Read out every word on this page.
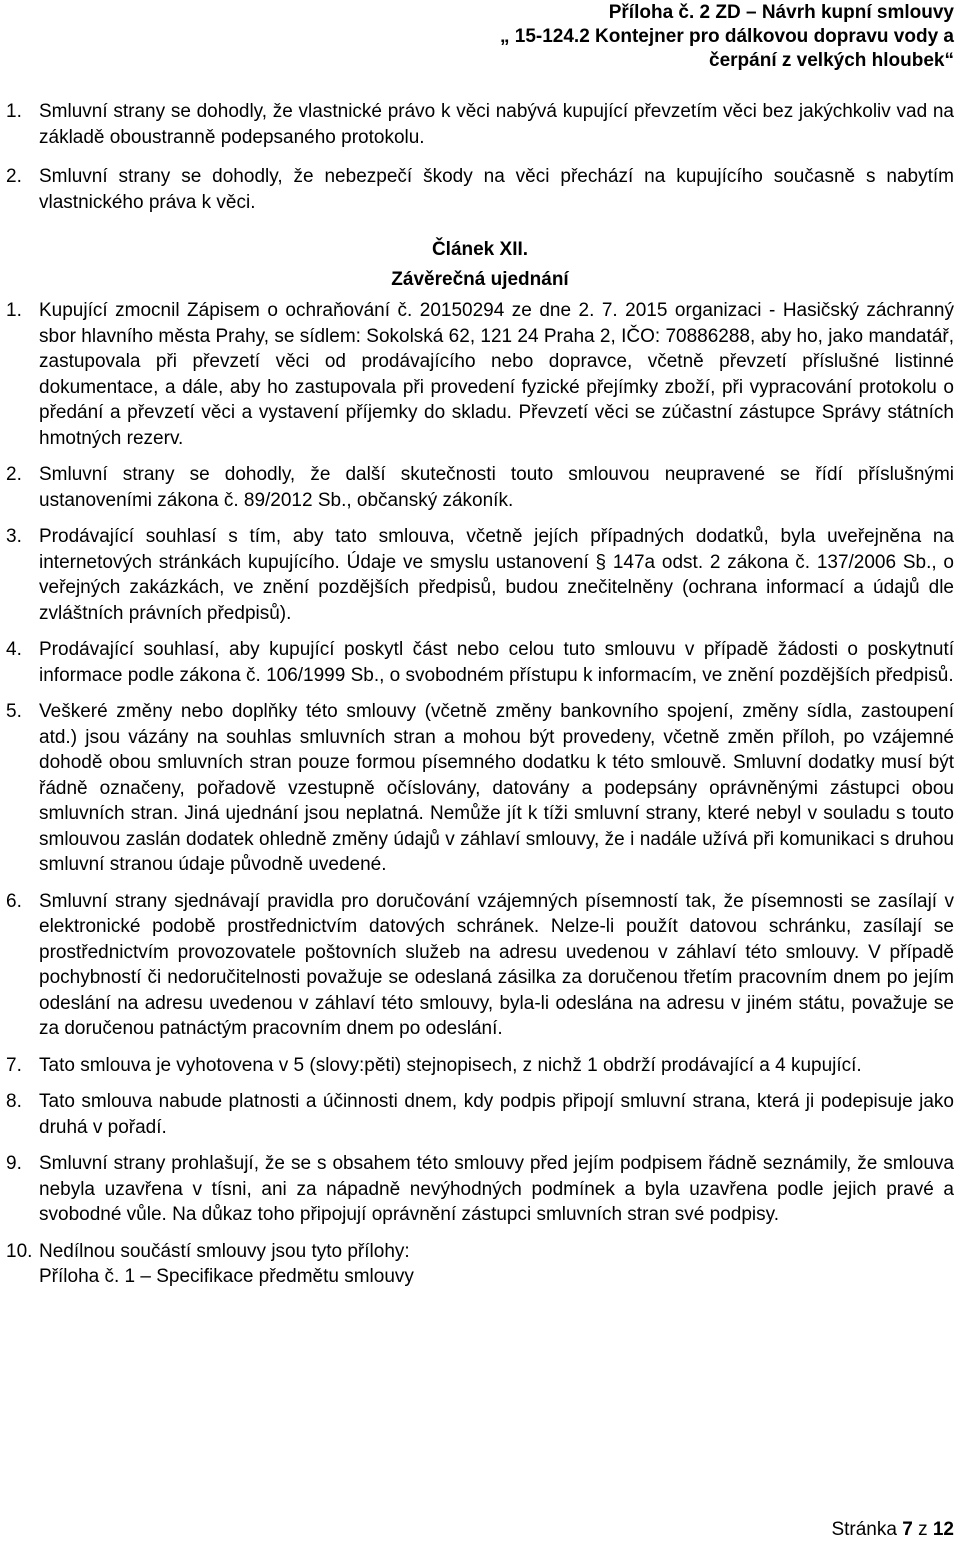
Příloha č. 2 ZD – Návrh kupní smlouvy
„ 15-124.2 Kontejner pro dálkovou dopravu vody a
čerpání z velkých hloubek“
1. Smluvní strany se dohodly, že vlastnické právo k věci nabývá kupující převzetím věci bez jakýchkoliv vad na základě oboustranně podepsaného protokolu.
2. Smluvní strany se dohodly, že nebezpečí škody na věci přechází na kupujícího současně s nabytím vlastnického práva k věci.
Článek XII.
Závěrečná ujednání
1. Kupující zmocnil Zápisem o ochraňování č. 20150294 ze dne 2. 7. 2015 organizaci - Hasičský záchranný sbor hlavního města Prahy, se sídlem: Sokolská 62, 121 24 Praha 2, IČO: 70886288, aby ho, jako mandatář, zastupovala při převzetí věci od prodávajícího nebo dopravce, včetně převzetí příslušné listinné dokumentace, a dále, aby ho zastupovala při provedení fyzické přejímky zboží, při vypracování protokolu o předání a převzetí věci a vystavení příjemky do skladu. Převzetí věci se zúčastní zástupce Správy státních hmotných rezerv.
2. Smluvní strany se dohodly, že další skutečnosti touto smlouvou neupravené se řídí příslušnými ustanoveními zákona č. 89/2012 Sb., občanský zákoník.
3. Prodávající souhlasí s tím, aby tato smlouva, včetně jejích případných dodatků, byla uveřejněna na internetových stránkách kupujícího. Údaje ve smyslu ustanovení § 147a odst. 2 zákona č. 137/2006 Sb., o veřejných zakázkách, ve znění pozdějších předpisů, budou znečitelněny (ochrana informací a údajů dle zvláštních právních předpisů).
4. Prodávající souhlasí, aby kupující poskytl část nebo celou tuto smlouvu v případě žádosti o poskytnutí informace podle zákona č. 106/1999 Sb., o svobodném přístupu k informacím, ve znění pozdějších předpisů.
5. Veškeré změny nebo doplňky této smlouvy (včetně změny bankovního spojení, změny sídla, zastoupení atd.) jsou vázány na souhlas smluvních stran a mohou být provedeny, včetně změn příloh, po vzájemné dohodě obou smluvních stran pouze formou písemného dodatku k této smlouvě. Smluvní dodatky musí být řádně označeny, pořadově vzestupně očíslovány, datovány a podepsány oprávněnými zástupci obou smluvních stran. Jiná ujednání jsou neplatná. Nemůže jít k tíži smluvní strany, které nebyl v souladu s touto smlouvou zaslán dodatek ohledně změny údajů v záhlaví smlouvy, že i nadále užívá při komunikaci s druhou smluvní stranou údaje původně uvedené.
6. Smluvní strany sjednávají pravidla pro doručování vzájemných písemností tak, že písemnosti se zasílají v elektronické podobě prostřednictvím datových schránek. Nelze-li použít datovou schránku, zasílají se prostřednictvím provozovatele poštovních služeb na adresu uvedenou v záhlaví této smlouvy. V případě pochybností či nedoručitelnosti považuje se odeslaná zásilka za doručenou třetím pracovním dnem po jejím odeslání na adresu uvedenou v záhlaví této smlouvy, byla-li odeslána na adresu v jiném státu, považuje se za doručenou patnáctým pracovním dnem po odeslání.
7. Tato smlouva je vyhotovena v 5 (slovy:pěti) stejnopisech, z nichž 1 obdrží prodávající a 4 kupující.
8. Tato smlouva nabude platnosti a účinnosti dnem, kdy podpis připojí smluvní strana, která ji podepisuje jako druhá v pořadí.
9. Smluvní strany prohlašují, že se s obsahem této smlouvy před jejím podpisem řádně seznámily, že smlouva nebyla uzavřena v tísni, ani za nápadně nevýhodných podmínek a byla uzavřena podle jejich pravé a svobodné vůle. Na důkaz toho připojují oprávnění zástupci smluvních stran své podpisy.
10. Nedílnou součástí smlouvy jsou tyto přílohy:
Příloha č. 1 – Specifikace předmětu smlouvy
Stránka 7 z 12
